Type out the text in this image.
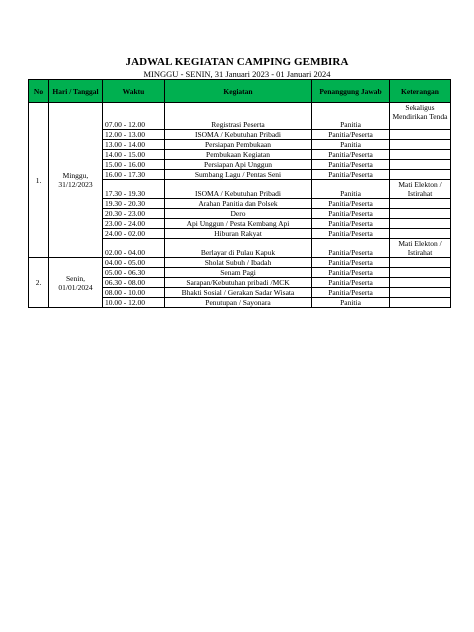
JADWAL KEGIATAN CAMPING GEMBIRA
MINGGU - SENIN, 31 Januari 2023 - 01 Januari 2024
No	Hari / Tanggal	Waktu	Kegiatan	Penanggung Jawab	Keterangan
1.	Minggu, 31/12/2023	07.00 - 12.00	Registrasi Peserta	Panitia	Sekaligus Mendirikan Tenda
		12.00 - 13.00	ISOMA / Kebutuhan Pribadi	Panitia/Peserta	
		13.00 - 14.00	Persiapan Pembukaan	Panitia	
		14.00 - 15.00	Pembukaan Kegiatan	Panitia/Peserta	
		15.00 - 16.00	Persiapan Api Unggun	Panitia/Peserta	
		16.00 - 17.30	Sumbang Lagu / Pentas Seni	Panitia/Peserta	
		17.30 - 19.30	ISOMA / Kebutuhan Pribadi	Panitia	Mati Elekton / Istirahat
		19.30 - 20.30	Arahan Panitia dan Polsek	Panitia/Peserta	
		20.30 - 23.00	Dero	Panitia/Peserta	
		23.00 - 24.00	Api Unggun / Pesta Kembang Api	Panitia/Peserta	
		24.00 - 02.00	Hiburan Rakyat	Panitia/Peserta	
		02.00 - 04.00	Berlayar di Pulau Kapuk	Panitia/Peserta	Mati Elekton / Istirahat
2.	Senin, 01/01/2024	04.00 - 05.00	Sholat Subuh / Ibadah	Panitia/Peserta	
		05.00 - 06.30	Senam Pagi	Panitia/Peserta	
		06.30 - 08.00	Sarapan/Kebutuhan pribadi /MCK	Panitia/Peserta	
		08.00 - 10.00	Bhakti Sosial / Gerakan Sadar Wisata	Panitia/Peserta	
		10.00 - 12.00	Penutupan / Sayonara	Panitia	
